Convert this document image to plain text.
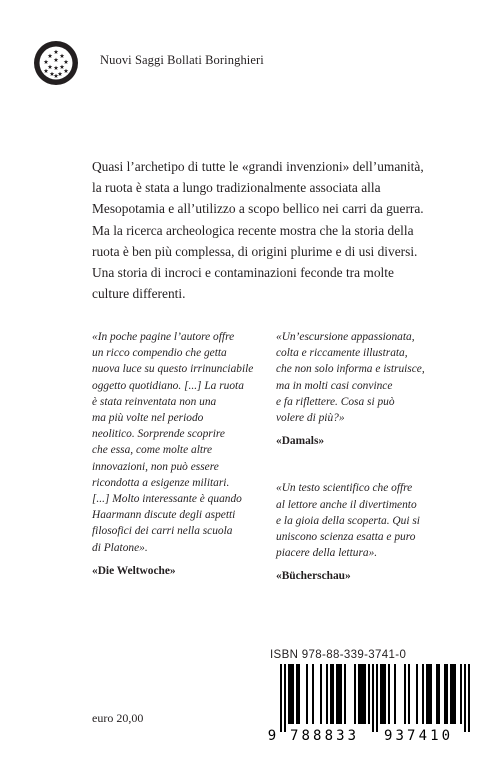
Nuovi Saggi Bollati Boringhieri
Quasi l’archetipo di tutte le «grandi invenzioni» dell’umanità,
la ruota è stata a lungo tradizionalmente associata alla
Mesopotamia e all’utilizzo a scopo bellico nei carri da guerra.
Ma la ricerca archeologica recente mostra che la storia della
ruota è ben più complessa, di origini plurime e di usi diversi.
Una storia di incroci e contaminazioni feconde tra molte
culture differenti.
«In poche pagine l’autore offre
un ricco compendio che getta
nuova luce su questo irrinunciabile
oggetto quotidiano. [...] La ruota
è stata reinventata non una
ma più volte nel periodo
neolitico. Sorprende scoprire
che essa, come molte altre
innovazioni, non può essere
ricondotta a esigenze militari.
[...] Molto interessante è quando
Haarmann discute degli aspetti
filosofici dei carri nella scuola
di Platone».
«Die Weltwoche»
«Un’escursione appassionata,
colta e riccamente illustrata,
che non solo informa e istruisce,
ma in molti casi convince
e fa riflettere. Cosa si può
volere di più?»
«Damals»
«Un testo scientifico che offre
al lettore anche il divertimento
e la gioia della scoperta. Qui si
uniscono scienza esatta e puro
piacere della lettura».
«Bücherschau»
ISBN 978-88-339-3741-0
9 788833 937410
euro 20,00
